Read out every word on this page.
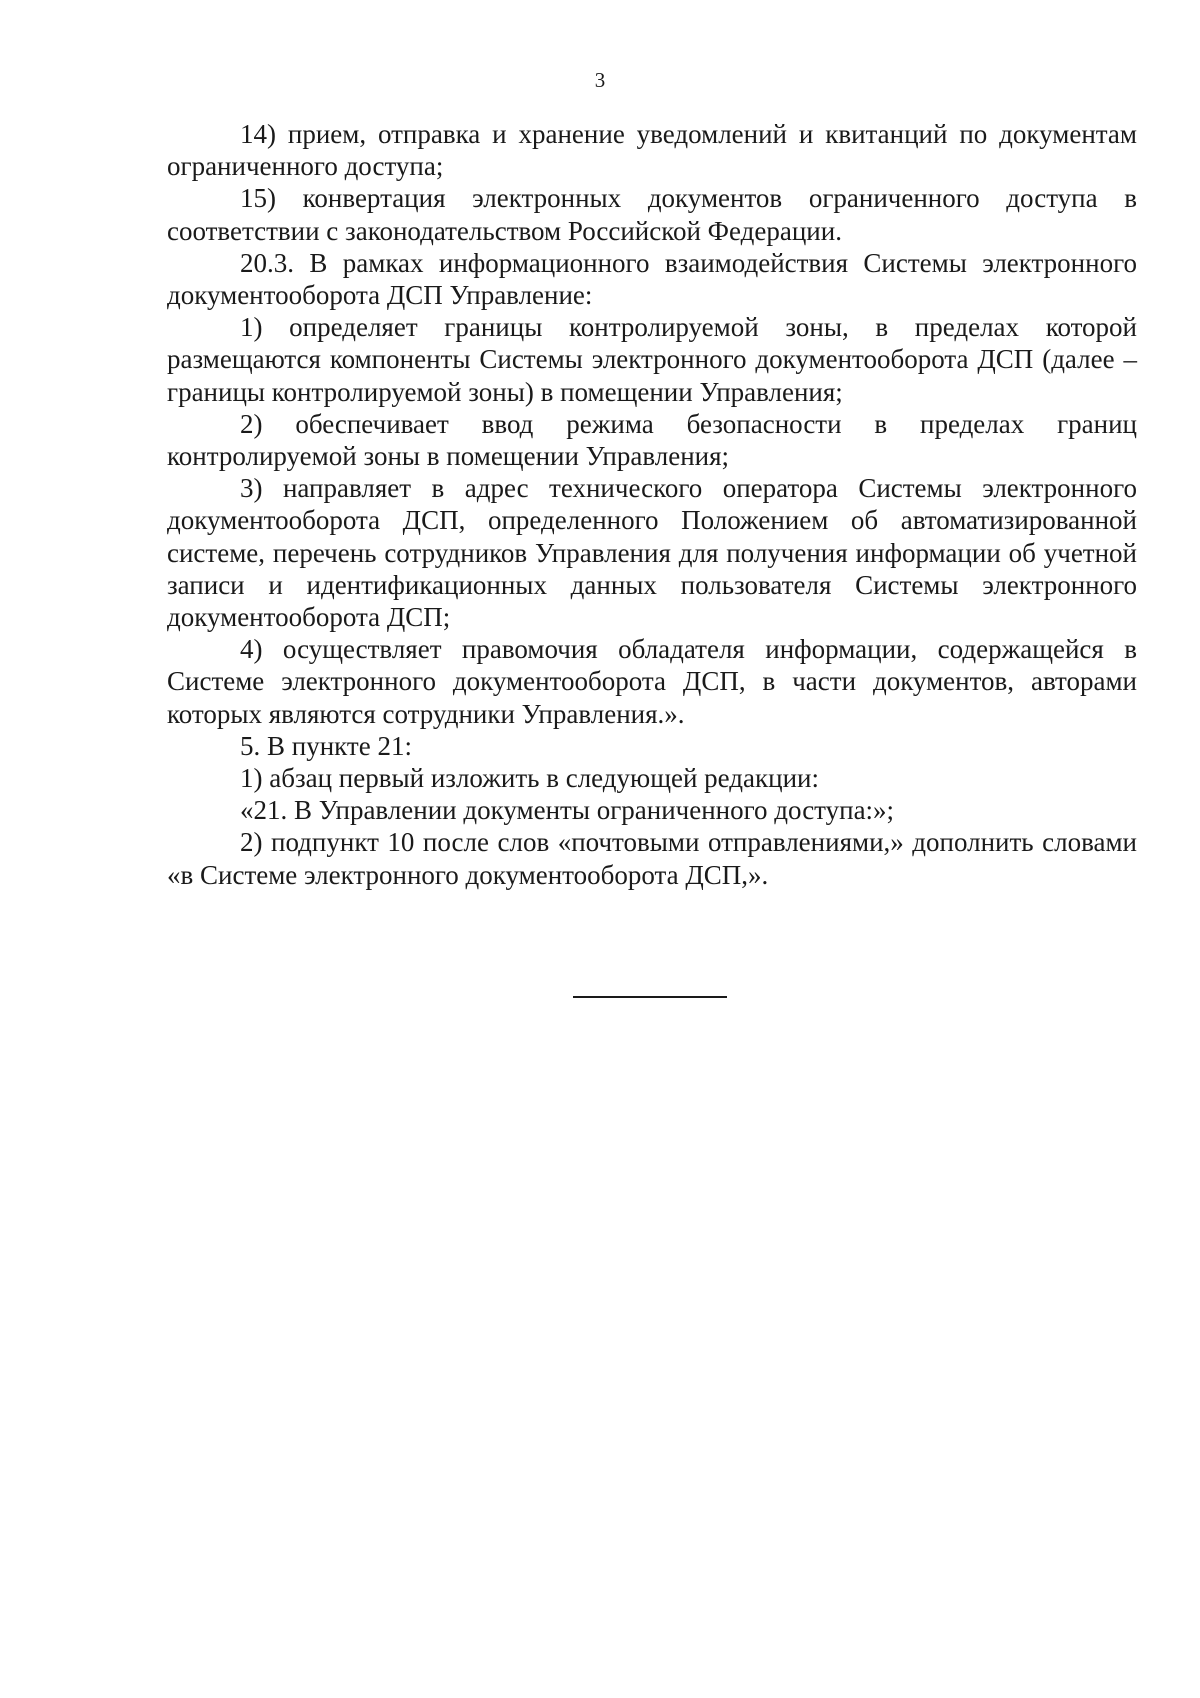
3

14) прием, отправка и хранение уведомлений и квитанций по документам ограниченного доступа;

15) конвертация электронных документов ограниченного доступа в соответствии с законодательством Российской Федерации.

20.3. В рамках информационного взаимодействия Системы электронного документооборота ДСП Управление:

1) определяет границы контролируемой зоны, в пределах которой размещаются компоненты Системы электронного документооборота ДСП (далее – границы контролируемой зоны) в помещении Управления;

2) обеспечивает ввод режима безопасности в пределах границ контролируемой зоны в помещении Управления;

3) направляет в адрес технического оператора Системы электронного документооборота ДСП, определенного Положением об автоматизированной системе, перечень сотрудников Управления для получения информации об учетной записи и идентификационных данных пользователя Системы электронного документооборота ДСП;

4) осуществляет правомочия обладателя информации, содержащейся в Системе электронного документооборота ДСП, в части документов, авторами которых являются сотрудники Управления.».

5. В пункте 21:

1) абзац первый изложить в следующей редакции:

«21. В Управлении документы ограниченного доступа:»;

2) подпункт 10 после слов «почтовыми отправлениями,» дополнить словами «в Системе электронного документооборота ДСП,».
